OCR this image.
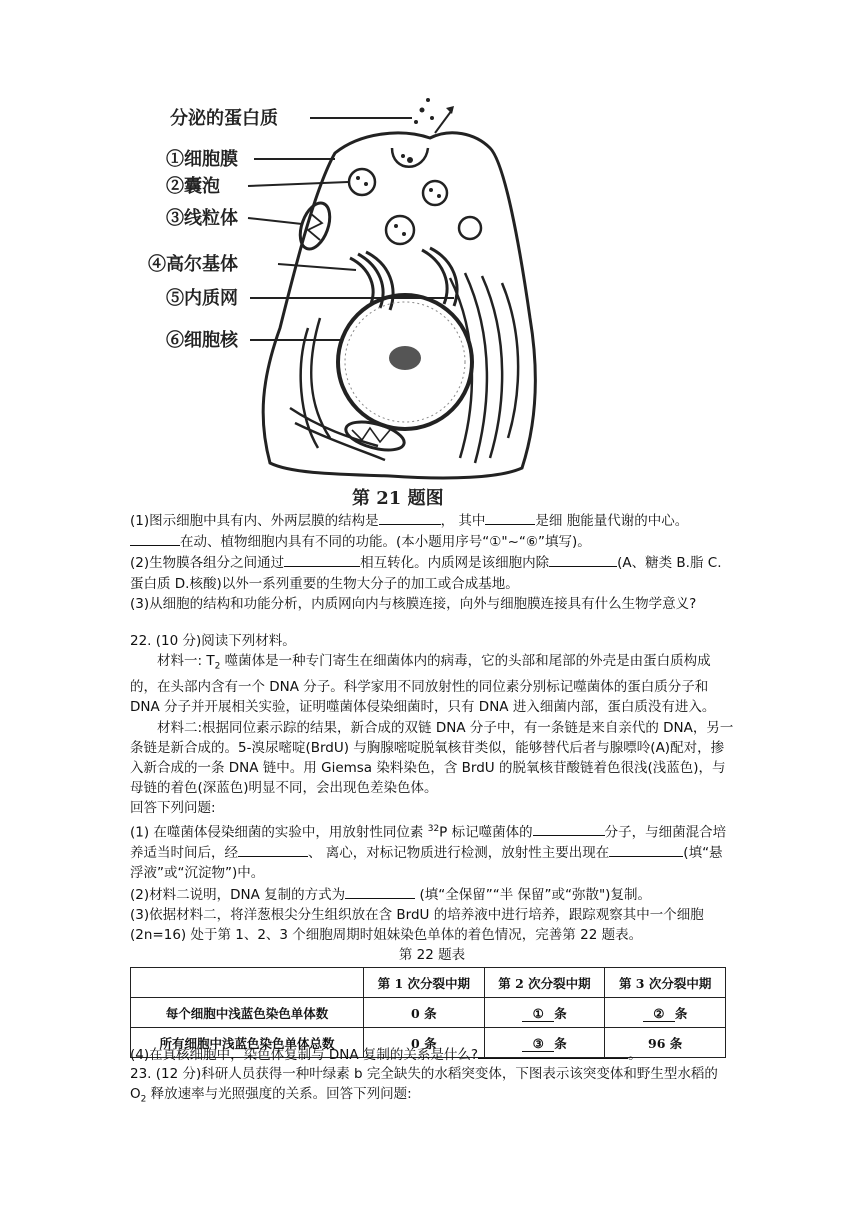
分泌的蛋白质
①细胞膜
②囊泡
③线粒体
④高尔基体
⑤内质网
⑥细胞核
第 21 题图

(1)图示细胞中具有内、外两层膜的结构是	， 其中	是细 胞能量代谢的中心。

在动、植物细胞内具有不同的功能。(本小题用序号“①"~“⑥”填写)。

(2)生物膜各组分之间通过	相互转化。内质网是该细胞内除	(A、糖类 B.脂 C.蛋白质 D.核酸)以外一系列重要的生物大分子的加工或合成基地。

(3)从细胞的结构和功能分析，内质网向内与核膜连接，向外与细胞膜连接具有什么生物学意义?

22. (10 分)阅读下列材料。

材料一: $T_2$ 噬菌体是一种专门寄生在细菌体内的病毒，它的头部和尾部的外壳是由蛋白质构成的，在头部内含有一个 DNA 分子。科学家用不同放射性的同位素分别标记噬菌体的蛋白质分子和 DNA 分子并开展相关实验，证明噬菌体侵染细菌时，只有 DNA 进入细菌内部，蛋白质没有进入。

材料二:根据同位素示踪的结果，新合成的双链 DNA 分子中，有一条链是来自亲代的 DNA，另一条链是新合成的。5-溴尿嘧啶(BrdU) 与胸腺嘧啶脱氧核苷类似，能够替代后者与腺嘌呤(A)配对，掺入新合成的一条 DNA 链中。用 Giemsa 染料染色，含 BrdU 的脱氧核苷酸链着色很浅(浅蓝色)，与母链的着色(深蓝色)明显不同，会出现色差染色体。

回答下列问题:

(1) 在噬菌体侵染细菌的实验中，用放射性同位素 $^{32}$P 标记噬菌体的	分子，与细菌混合培养适当时间后，经	、 离心，对标记物质进行检测，放射性主要出现在	(填“悬浮液”或“沉淀物”)中。

(2)材料二说明，DNA 复制的方式为	(填“全保留”“半 保留”或“弥散")复制。

(3)依据材料二，将洋葱根尖分生组织放在含 BrdU 的培养液中进行培养，跟踪观察其中一个细胞(2n=16) 处于第 1、2、3 个细胞周期时姐妹染色单体的着色情况，完善第 22 题表。

第 22 题表

	第 1 次分裂中期	第 2 次分裂中期	第 3 次分裂中期
每个细胞中浅蓝色染色单体数	0 条	① 条	② 条
所有细胞中浅蓝色染色单体总数	0 条	③ 条	96 条

(4)在真核细胞中，染色体复制与 DNA 复制的关系是什么?	。

23. (12 分)科研人员获得一种叶绿素 b 完全缺失的水稻突变体，下图表示该突变体和野生型水稻的 $O_2$ 释放速率与光照强度的关系。回答下列问题:
